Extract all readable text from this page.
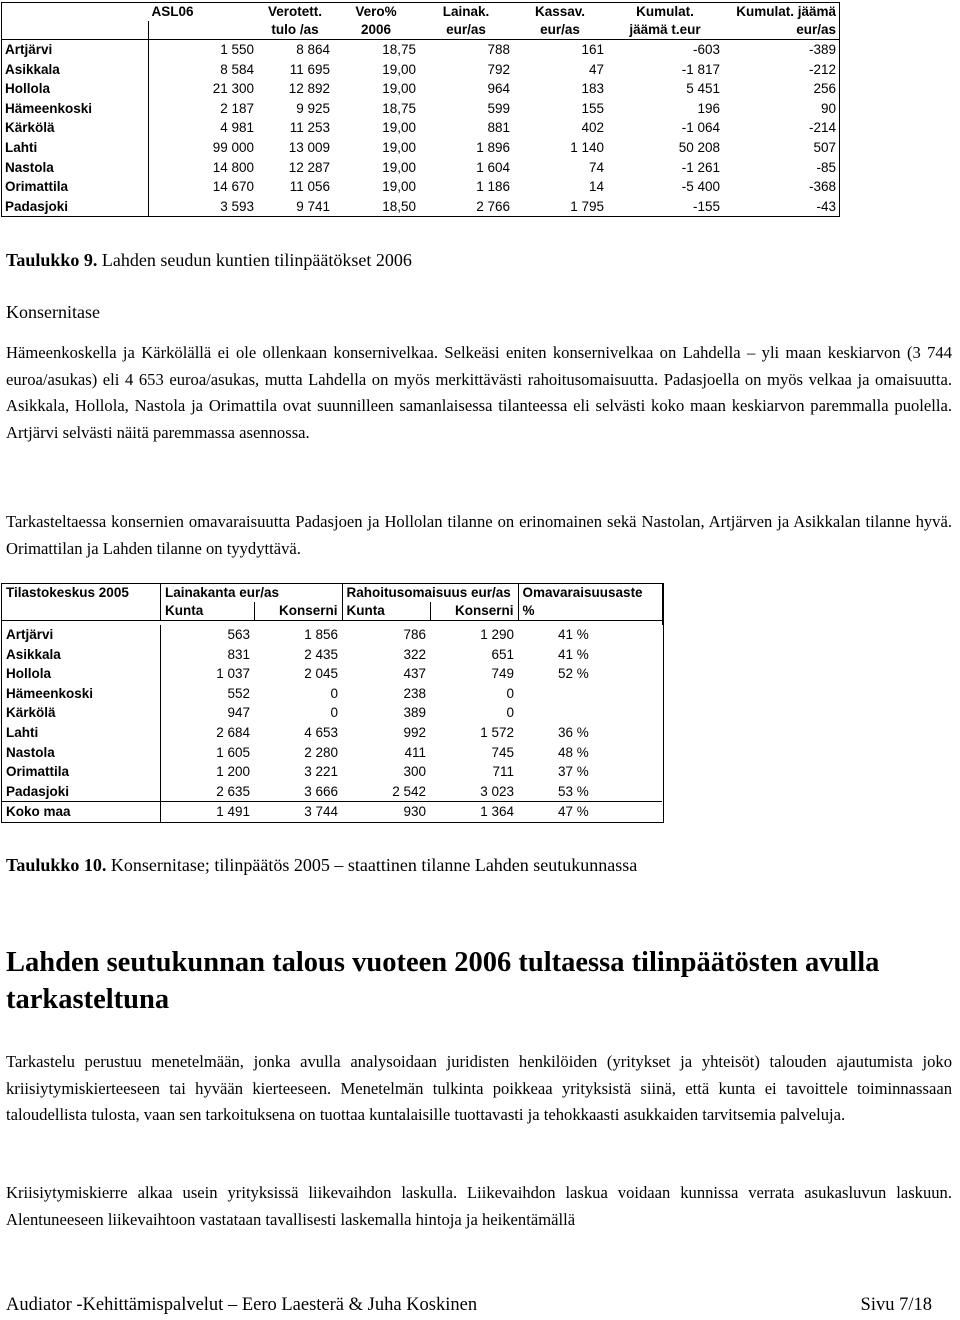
	ASL06	Verotett.	Vero%	Lainak.	Kassav.	Kumulat.	Kumulat. jäämä
		tulo /as	2006	eur/as	eur/as	jäämä t.eur	eur/as
Artjärvi	1 550	8 864	18,75	788	161	-603	-389
Asikkala	8 584	11 695	19,00	792	47	-1 817	-212
Hollola	21 300	12 892	19,00	964	183	5 451	256
Hämeenkoski	2 187	9 925	18,75	599	155	196	90
Kärkölä	4 981	11 253	19,00	881	402	-1 064	-214
Lahti	99 000	13 009	19,00	1 896	1 140	50 208	507
Nastola	14 800	12 287	19,00	1 604	74	-1 261	-85
Orimattila	14 670	11 056	19,00	1 186	14	-5 400	-368
Padasjoki	3 593	9 741	18,50	2 766	1 795	-155	-43
Taulukko 9. Lahden seudun kuntien tilinpäätökset 2006
Konsernitase
Hämeenkoskella ja Kärkölällä ei ole ollenkaan konsernivelkaa. Selkeäsi eniten konsernivelkaa on Lahdella – yli maan keskiarvon (3 744 euroa/asukas) eli 4 653 euroa/asukas, mutta Lahdella on myös merkittävästi rahoitusomaisuutta. Padasjoella on myös velkaa ja omaisuutta. Asikkala, Hollola, Nastola ja Orimattila ovat suunnilleen samanlaisessa tilanteessa eli selvästi koko maan keskiarvon paremmalla puolella. Artjärvi selvästi näitä paremmassa asennossa.
Tarkasteltaessa konsernien omavaraisuutta Padasjoen ja Hollolan tilanne on erinomainen sekä Nastolan, Artjärven ja Asikkalan tilanne hyvä. Orimattilan ja Lahden tilanne on tyydyttävä.
Tilastokeskus 2005	Lainakanta eur/as		Rahoitusomaisuus eur/as		Omavaraisuusaste
	Kunta	Konserni	Kunta	Konserni	%

Artjärvi	563	1 856	786	1 290	41 %
Asikkala	831	2 435	322	651	41 %
Hollola	1 037	2 045	437	749	52 %
Hämeenkoski	552	0	238	0	
Kärkölä	947	0	389	0	
Lahti	2 684	4 653	992	1 572	36 %
Nastola	1 605	2 280	411	745	48 %
Orimattila	1 200	3 221	300	711	37 %
Padasjoki	2 635	3 666	2 542	3 023	53 %
Koko maa	1 491	3 744	930	1 364	47 %
Taulukko 10. Konsernitase; tilinpäätös 2005 – staattinen tilanne Lahden seutukunnassa
Lahden seutukunnan talous vuoteen 2006 tultaessa tilinpäätösten avulla tarkasteltuna
Tarkastelu perustuu menetelmään, jonka avulla analysoidaan juridisten henkilöiden (yritykset ja yhteisöt) talouden ajautumista joko kriisiytymiskierteeseen tai hyvään kierteeseen. Menetelmän tulkinta poikkeaa yrityksistä siinä, että kunta ei tavoittele toiminnassaan taloudellista tulosta, vaan sen tarkoituksena on tuottaa kuntalaisille tuottavasti ja tehokkaasti asukkaiden tarvitsemia palveluja.
Kriisiytymiskierre alkaa usein yrityksissä liikevaihdon laskulla. Liikevaihdon laskua voidaan kunnissa verrata asukasluvun laskuun. Alentuneeseen liikevaihtoon vastataan tavallisesti laskemalla hintoja ja heikentämällä
Audiator -Kehittämispalvelut – Eero Laesterä & Juha Koskinen	Sivu 7/18
